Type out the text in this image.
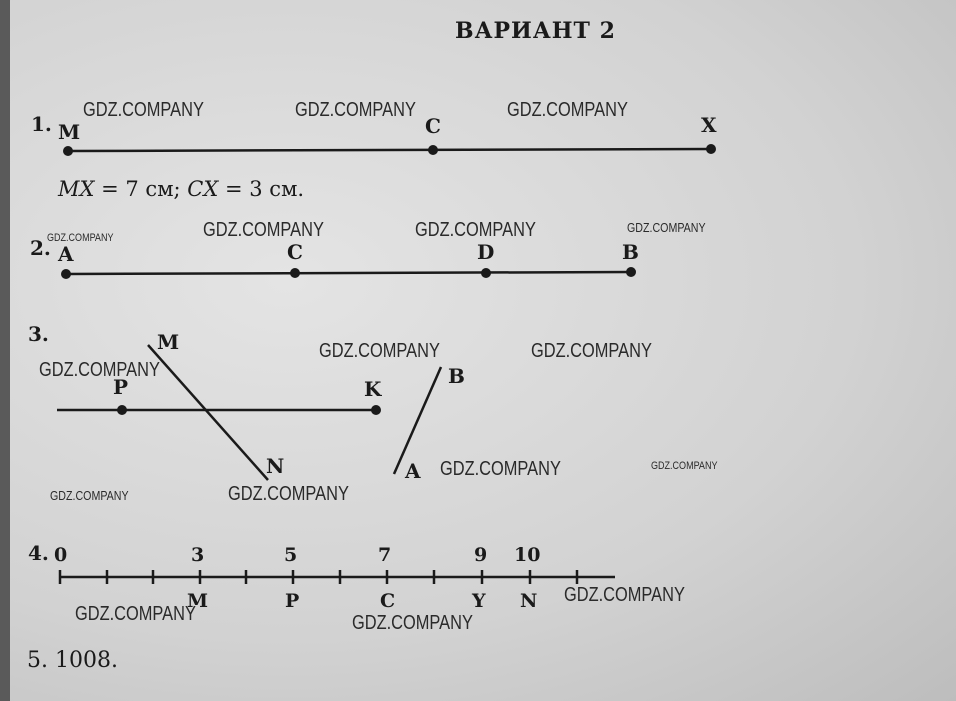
ВАРИАНТ 2
1. M	C	X
MX = 7 см; CX = 3 см.
2. A	C	D	B
3.	M
P	K
N
B
A
4. 0	3	5	7	9 10
M	P	C	Y N
5. 1008.
GDZ.COMPANY	GDZ.COMPANY	GDZ.COMPANY
GDZ.COMPANY	GDZ.COMPANY	GDZ.COMPANY	GDZ.COMPANY
GDZ.COMPANY	GDZ.COMPANY
GDZ.COMPANY
GDZ.COMPANY	GDZ.COMPANY
GDZ.COMPANY	GDZ.COMPANY
GDZ.COMPANY
GDZ.COMPANY	GDZ.COMPANY
